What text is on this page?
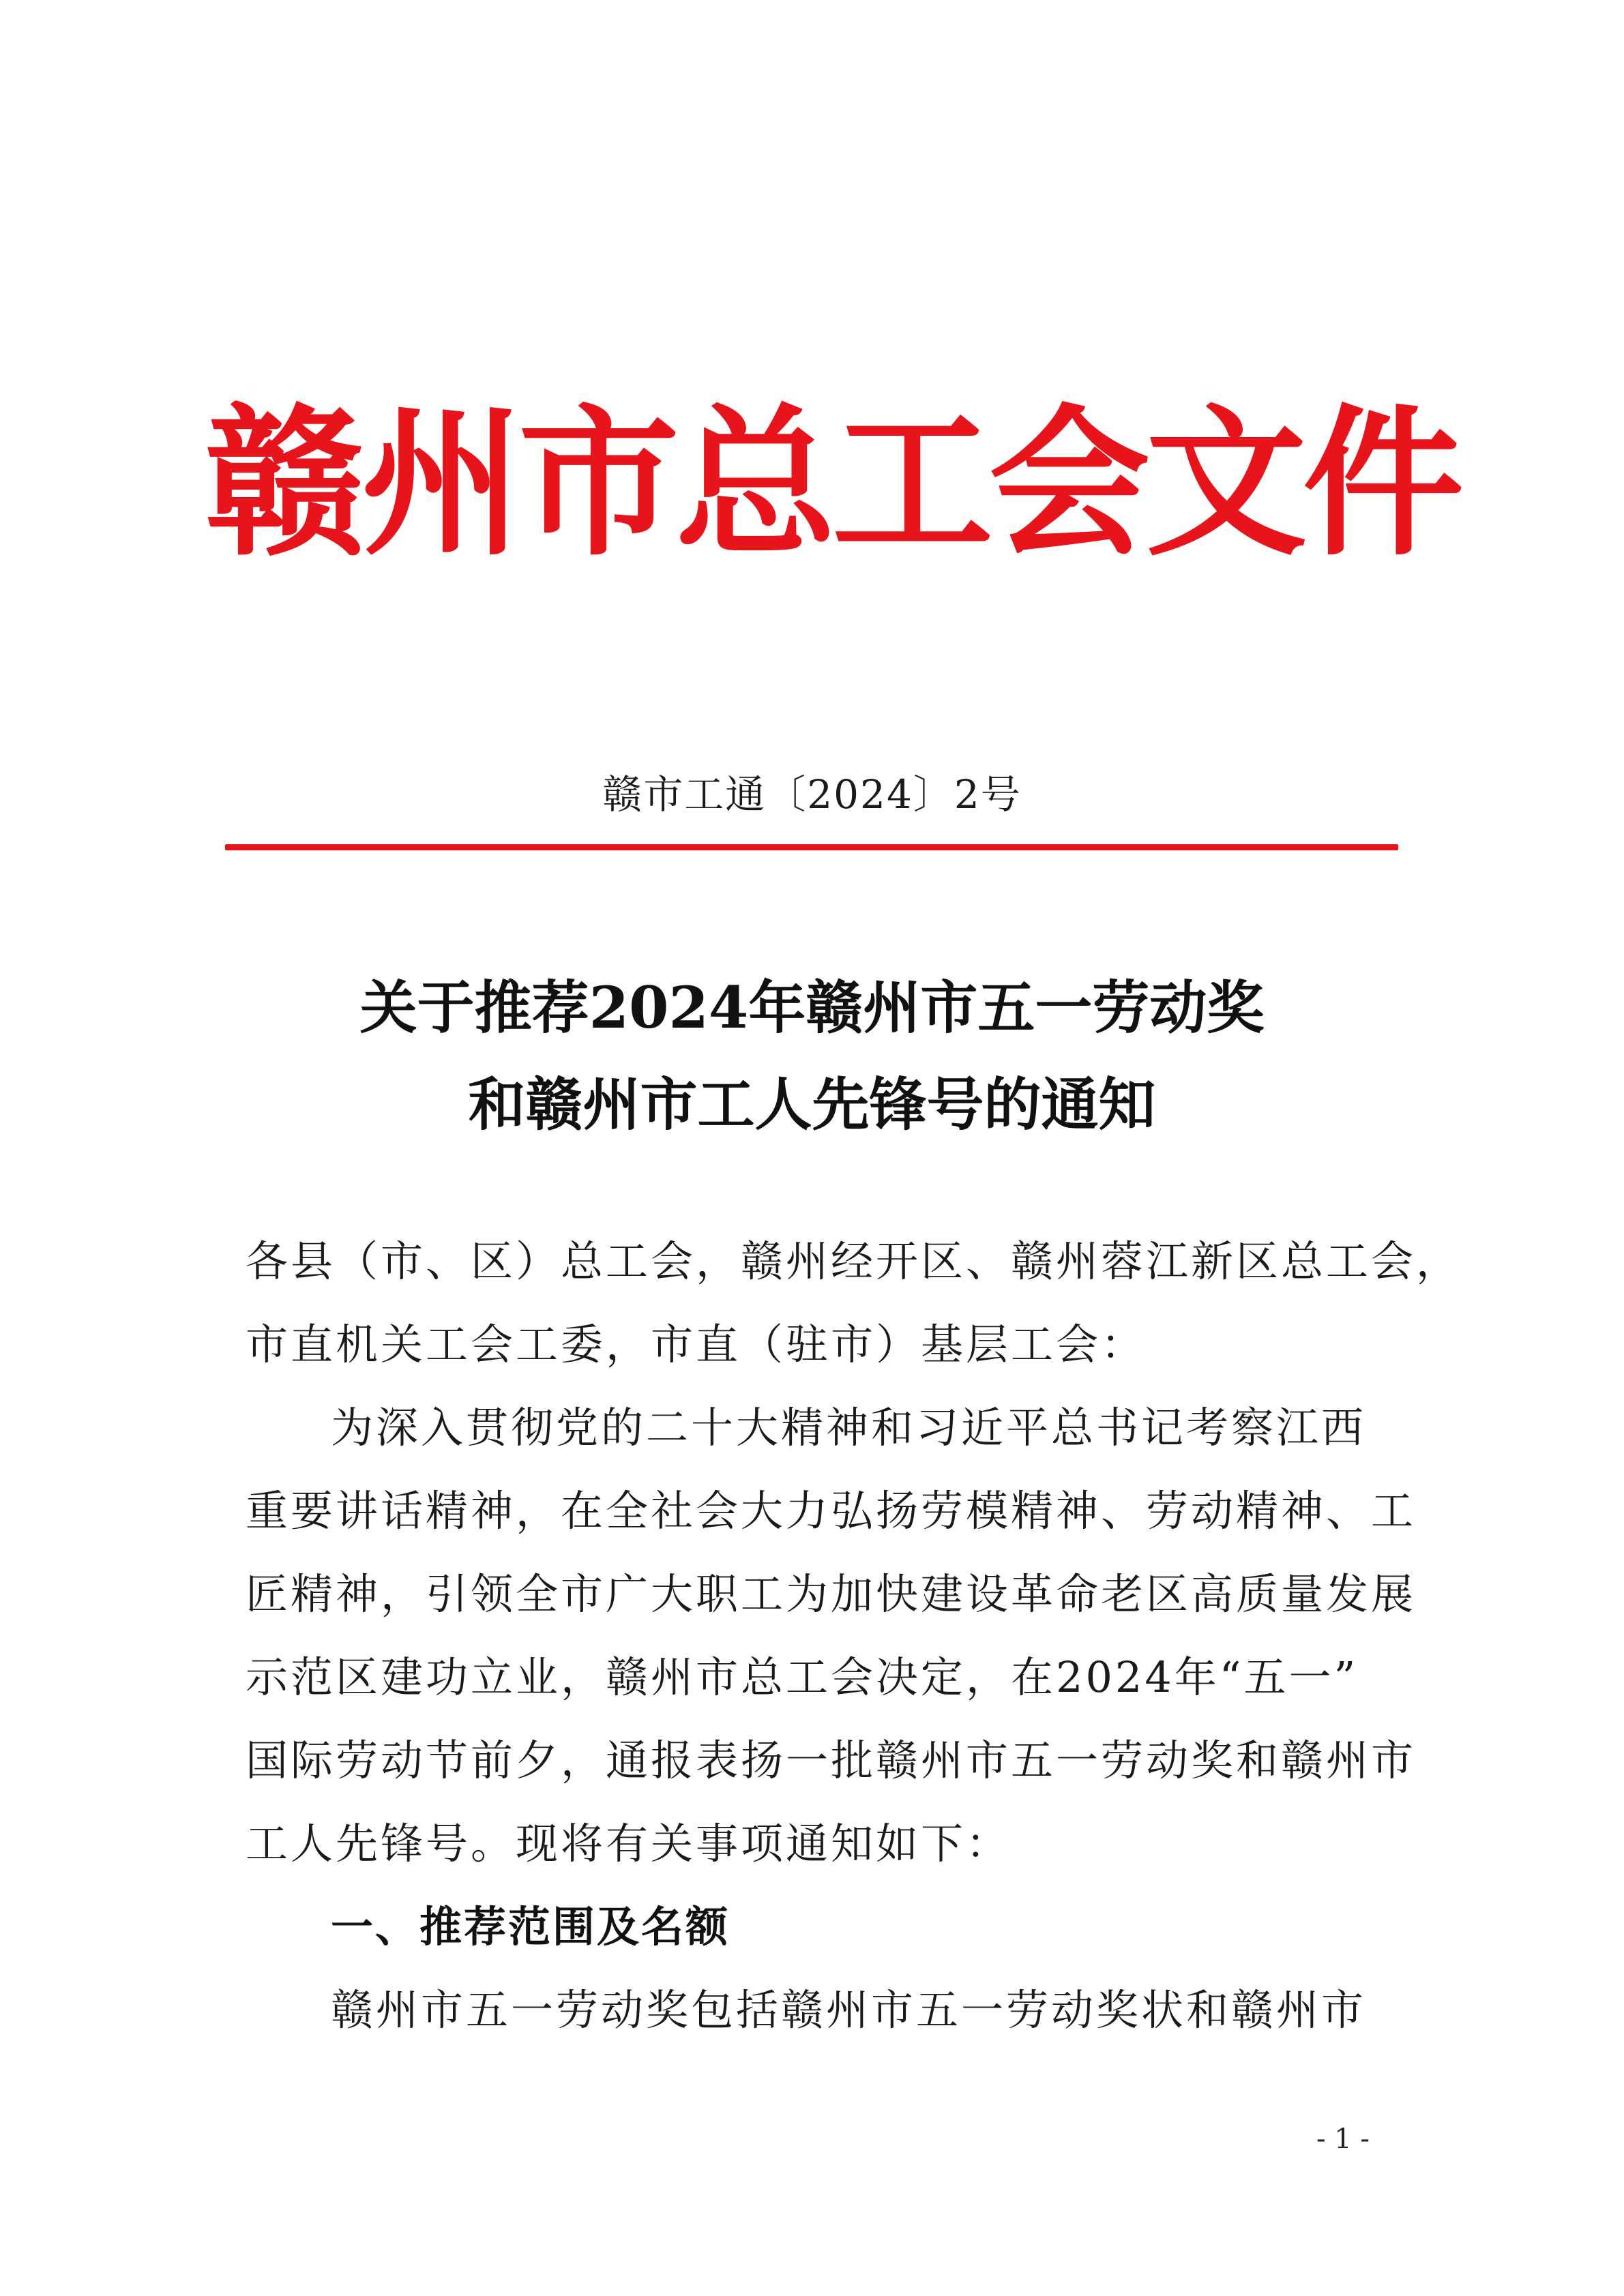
赣州市总工会文件
赣市工通〔2024〕2号
关于推荐2024年赣州市五一劳动奖
和赣州市工人先锋号的通知
各县（市、区）总工会，赣州经开区、赣州蓉江新区总工会，
市直机关工会工委，市直（驻市）基层工会：
为深入贯彻党的二十大精神和习近平总书记考察江西
重要讲话精神，在全社会大力弘扬劳模精神、劳动精神、工
匠精神，引领全市广大职工为加快建设革命老区高质量发展
示范区建功立业，赣州市总工会决定，在2024年“五一”
国际劳动节前夕，通报表扬一批赣州市五一劳动奖和赣州市
工人先锋号。现将有关事项通知如下：
一、推荐范围及名额
赣州市五一劳动奖包括赣州市五一劳动奖状和赣州市
- 1 -
